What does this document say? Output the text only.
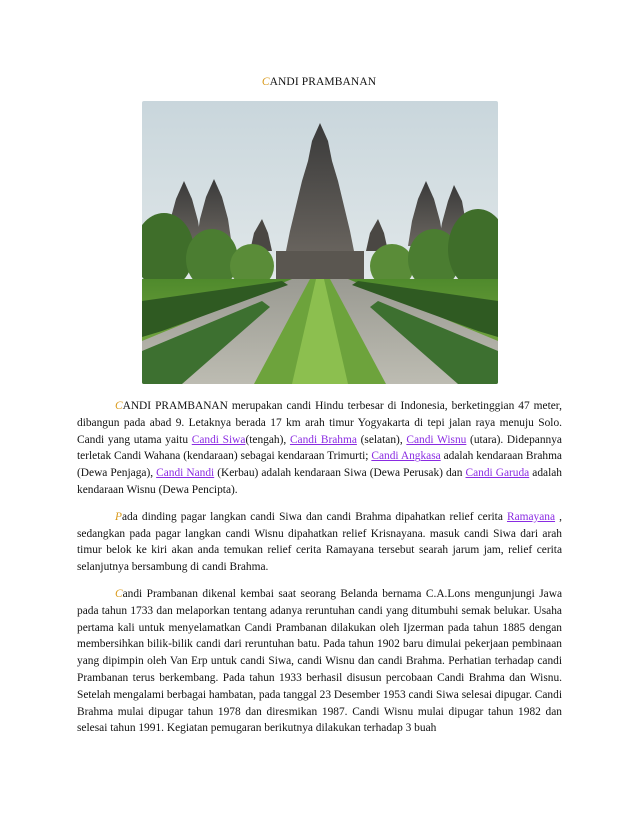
CANDI PRAMBANAN

CANDI PRAMBANAN merupakan candi Hindu terbesar di Indonesia, berketinggian 47 meter, dibangun pada abad 9. Letaknya berada 17 km arah timur Yogyakarta di tepi jalan raya menuju Solo. Candi yang utama yaitu Candi Siwa(tengah), Candi Brahma (selatan), Candi Wisnu (utara). Didepannya terletak Candi Wahana (kendaraan) sebagai kendaraan Trimurti; Candi Angkasa adalah kendaraan Brahma (Dewa Penjaga), Candi Nandi (Kerbau) adalah kendaraan Siwa (Dewa Perusak) dan Candi Garuda adalah kendaraan Wisnu (Dewa Pencipta).

Pada dinding pagar langkan candi Siwa dan candi Brahma dipahatkan relief cerita Ramayana , sedangkan pada pagar langkan candi Wisnu dipahatkan relief Krisnayana. masuk candi Siwa dari arah timur belok ke kiri akan anda temukan relief cerita Ramayana tersebut searah jarum jam, relief cerita selanjutnya bersambung di candi Brahma.

Candi Prambanan dikenal kembai saat seorang Belanda bernama C.A.Lons mengunjungi Jawa pada tahun 1733 dan melaporkan tentang adanya reruntuhan candi yang ditumbuhi semak belukar. Usaha pertama kali untuk menyelamatkan Candi Prambanan dilakukan oleh Ijzerman pada tahun 1885 dengan membersihkan bilik-bilik candi dari reruntuhan batu. Pada tahun 1902 baru dimulai pekerjaan pembinaan yang dipimpin oleh Van Erp untuk candi Siwa, candi Wisnu dan candi Brahma. Perhatian terhadap candi Prambanan terus berkembang. Pada tahun 1933 berhasil disusun percobaan Candi Brahma dan Wisnu. Setelah mengalami berbagai hambatan, pada tanggal 23 Desember 1953 candi Siwa selesai dipugar. Candi Brahma mulai dipugar tahun 1978 dan diresmikan 1987. Candi Wisnu mulai dipugar tahun 1982 dan selesai tahun 1991. Kegiatan pemugaran berikutnya dilakukan terhadap 3 buah
